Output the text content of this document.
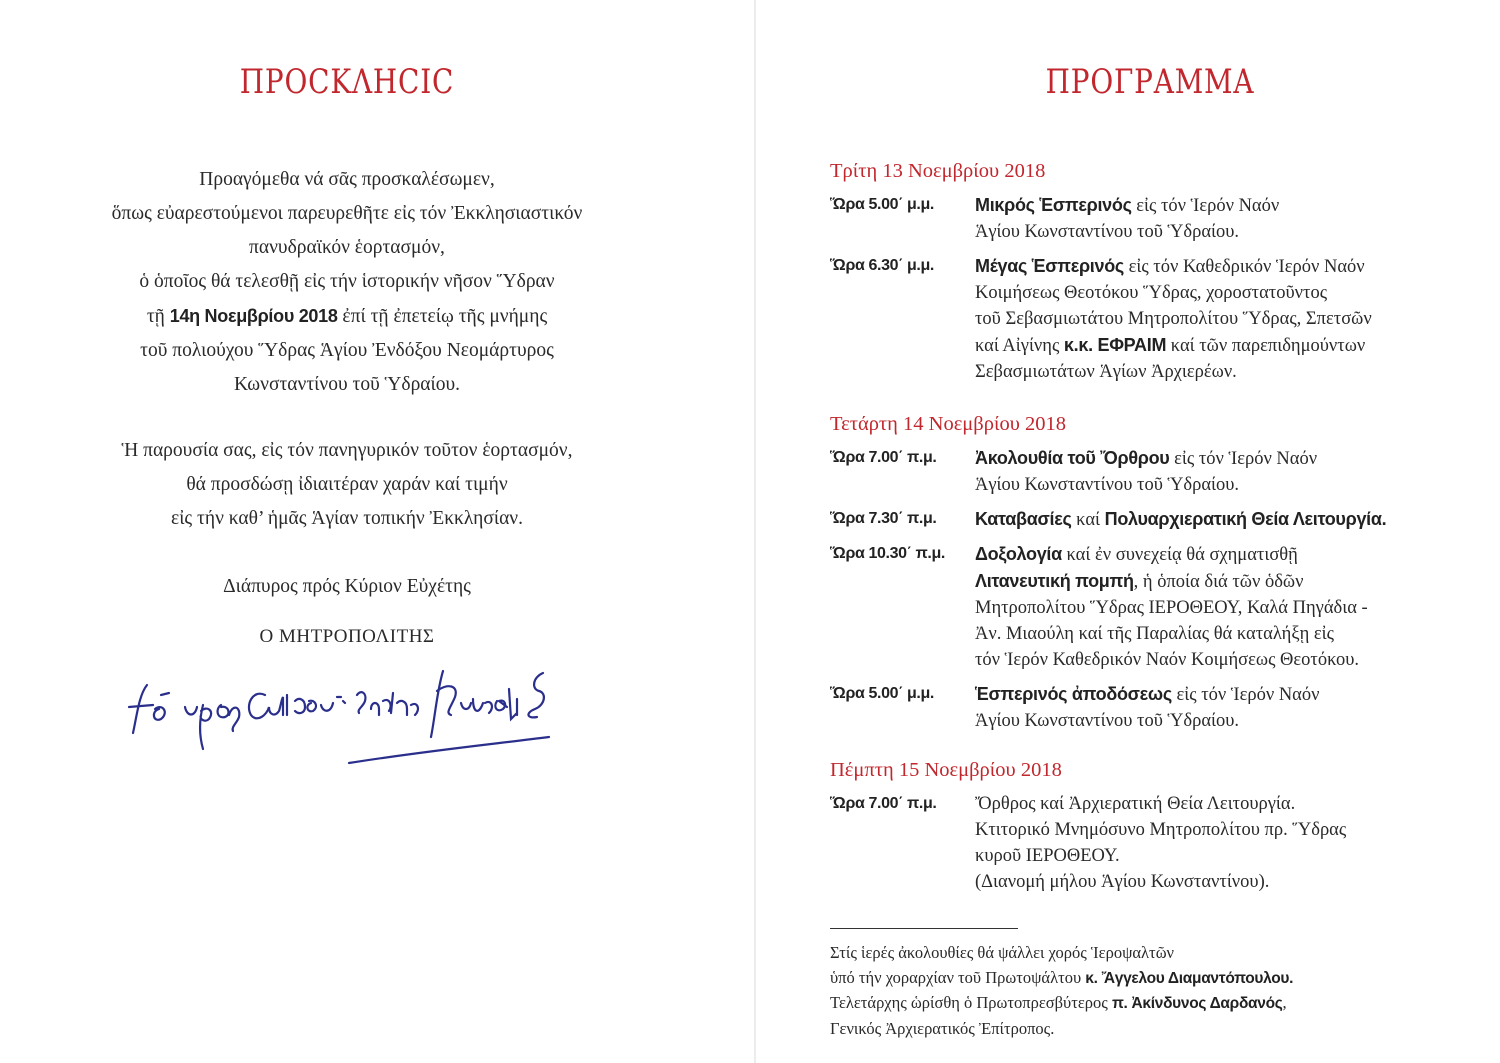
ΠΡΟϹΚΛΗϹΙϹ
Προαγόμεθα νά σᾶς προσκαλέσωμεν,
ὅπως εὐαρεστούμενοι παρευρεθῆτε εἰς τόν Ἐκκλησιαστικόν
πανυδραϊκόν ἑορτασμόν,
ὁ ὁποῖος θά τελεσθῇ εἰς τήν ἱστορικήν νῆσον Ὕδραν
τῇ 14η Νοεμβρίου 2018 ἐπί τῇ ἐπετείῳ τῆς μνήμης
τοῦ πολιούχου Ὕδρας Ἁγίου Ἐνδόξου Νεομάρτυρος
Κωνσταντίνου τοῦ Ὑδραίου.
Ἡ παρουσία σας, εἰς τόν πανηγυρικόν τοῦτον ἑορτασμόν,
θά προσδώσῃ ἰδιαιτέραν χαράν καί τιμήν
εἰς τήν καθ’ ἡμᾶς Ἁγίαν τοπικήν Ἐκκλησίαν.
Διάπυρος πρός Κύριον Εὐχέτης
Ο ΜΗΤΡΟΠΟΛΙΤΗΣ
ΠΡΟΓΡΑΜΜΑ
Τρίτη 13 Νοεμβρίου 2018
Ὥρα 5.00΄ μ.μ.	Μικρός Ἑσπερινός εἰς τόν Ἱερόν Ναόν
Ἁγίου Κωνσταντίνου τοῦ Ὑδραίου.
Ὥρα 6.30΄ μ.μ.	Μέγας Ἑσπερινός εἰς τόν Καθεδρικόν Ἱερόν Ναόν
Κοιμήσεως Θεοτόκου Ὕδρας, χοροστατοῦντος
τοῦ Σεβασμιωτάτου Μητροπολίτου Ὕδρας, Σπετσῶν
καί Αἰγίνης κ.κ. ΕΦΡΑΙΜ καί τῶν παρεπιδημούντων
Σεβασμιωτάτων Ἁγίων Ἀρχιερέων.
Τετάρτη 14 Νοεμβρίου 2018
Ὥρα 7.00΄ π.μ.	Ἀκολουθία τοῦ Ὄρθρου εἰς τόν Ἱερόν Ναόν
Ἁγίου Κωνσταντίνου τοῦ Ὑδραίου.
Ὥρα 7.30΄ π.μ.	Καταβασίες καί Πολυαρχιερατική Θεία Λειτουργία.
Ὥρα 10.30΄ π.μ.	Δοξολογία καί ἐν συνεχείᾳ θά σχηματισθῇ
Λιτανευτική πομπή, ἡ ὁποία διά τῶν ὁδῶν
Μητροπολίτου Ὕδρας ΙΕΡΟΘΕΟΥ, Καλά Πηγάδια -
Ἀν. Μιαούλη καί τῆς Παραλίας θά καταλήξῃ εἰς
τόν Ἱερόν Καθεδρικόν Ναόν Κοιμήσεως Θεοτόκου.
Ὥρα 5.00΄ μ.μ.	Ἑσπερινός ἀποδόσεως εἰς τόν Ἱερόν Ναόν
Ἁγίου Κωνσταντίνου τοῦ Ὑδραίου.
Πέμπτη 15 Νοεμβρίου 2018
Ὥρα 7.00΄ π.μ.	Ὄρθρος καί Ἀρχιερατική Θεία Λειτουργία.
Κτιτορικό Μνημόσυνο Μητροπολίτου πρ. Ὕδρας
κυροῦ ΙΕΡΟΘΕΟΥ.
(Διανομή μήλου Ἁγίου Κωνσταντίνου).
Στίς ἱερές ἀκολουθίες θά ψάλλει χορός Ἱεροψαλτῶν
ὑπό τήν χοραρχίαν τοῦ Πρωτοψάλτου κ. Ἄγγελου Διαμαντόπουλου.
Τελετάρχης ὡρίσθη ὁ Πρωτοπρεσβύτερος π. Ἀκίνδυνος Δαρδανός,
Γενικός Ἀρχιερατικός Ἐπίτροπος.
